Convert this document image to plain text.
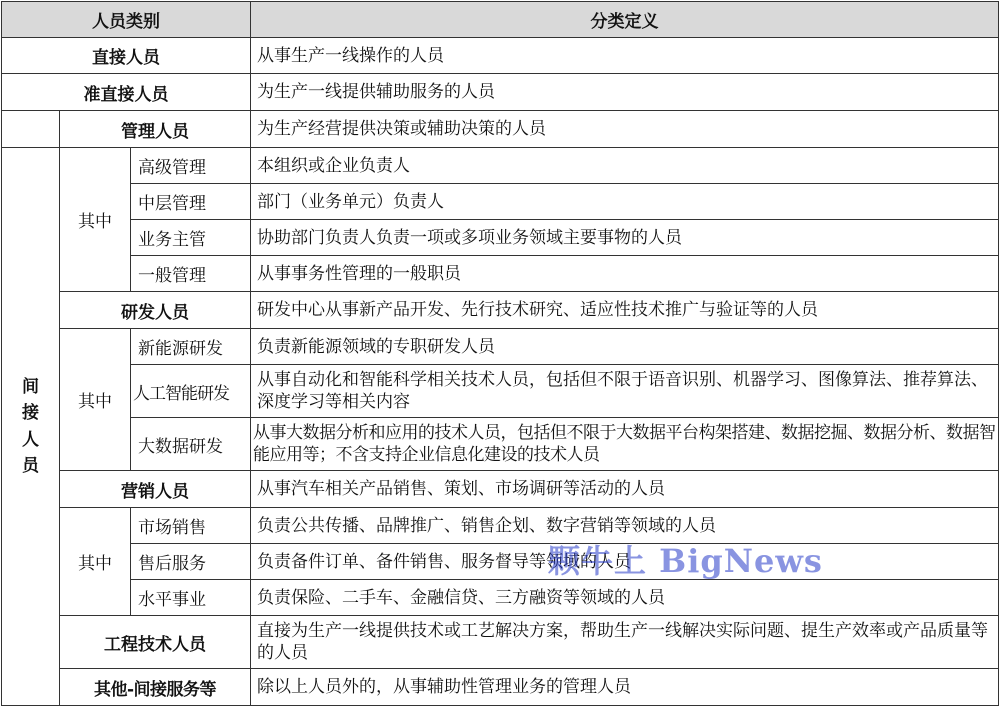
人员类别			分类定义
直接人员			从事生产一线操作的人员
准直接人员			为生产一线提供辅助服务的人员
	管理人员		为生产经营提供决策或辅助决策的人员
间
接
人
员	其中	高级管理	本组织或企业负责人
		中层管理	部门（业务单元）负责人
		业务主管	协助部门负责人负责一项或多项业务领域主要事物的人员
		一般管理	从事事务性管理的一般职员
	研发人员		研发中心从事新产品开发、先行技术研究、适应性技术推广与验证等的人员
	其中	新能源研发	负责新能源领域的专职研发人员
		人工智能研发	从事自动化和智能科学相关技术人员，包括但不限于语音识别、机器学习、图像算法、推荐算法、深度学习等相关内容
		大数据研发	从事大数据分析和应用的技术人员，包括但不限于大数据平台构架搭建、数据挖掘、数据分析、数据智能应用等；不含支持企业信息化建设的技术人员
	营销人员		从事汽车相关产品销售、策划、市场调研等活动的人员
	其中	市场销售	负责公共传播、品牌推广、销售企划、数字营销等领域的人员
		售后服务	负责备件订单、备件销售、服务督导等领域的人员
		水平事业	负责保险、二手车、金融信贷、三方融资等领域的人员
	工程技术人员		直接为生产一线提供技术或工艺解决方案，帮助生产一线解决实际问题、提生产效率或产品质量等的人员
	其他-间接服务等		除以上人员外的，从事辅助性管理业务的管理人员
颗牛上 BigNews
